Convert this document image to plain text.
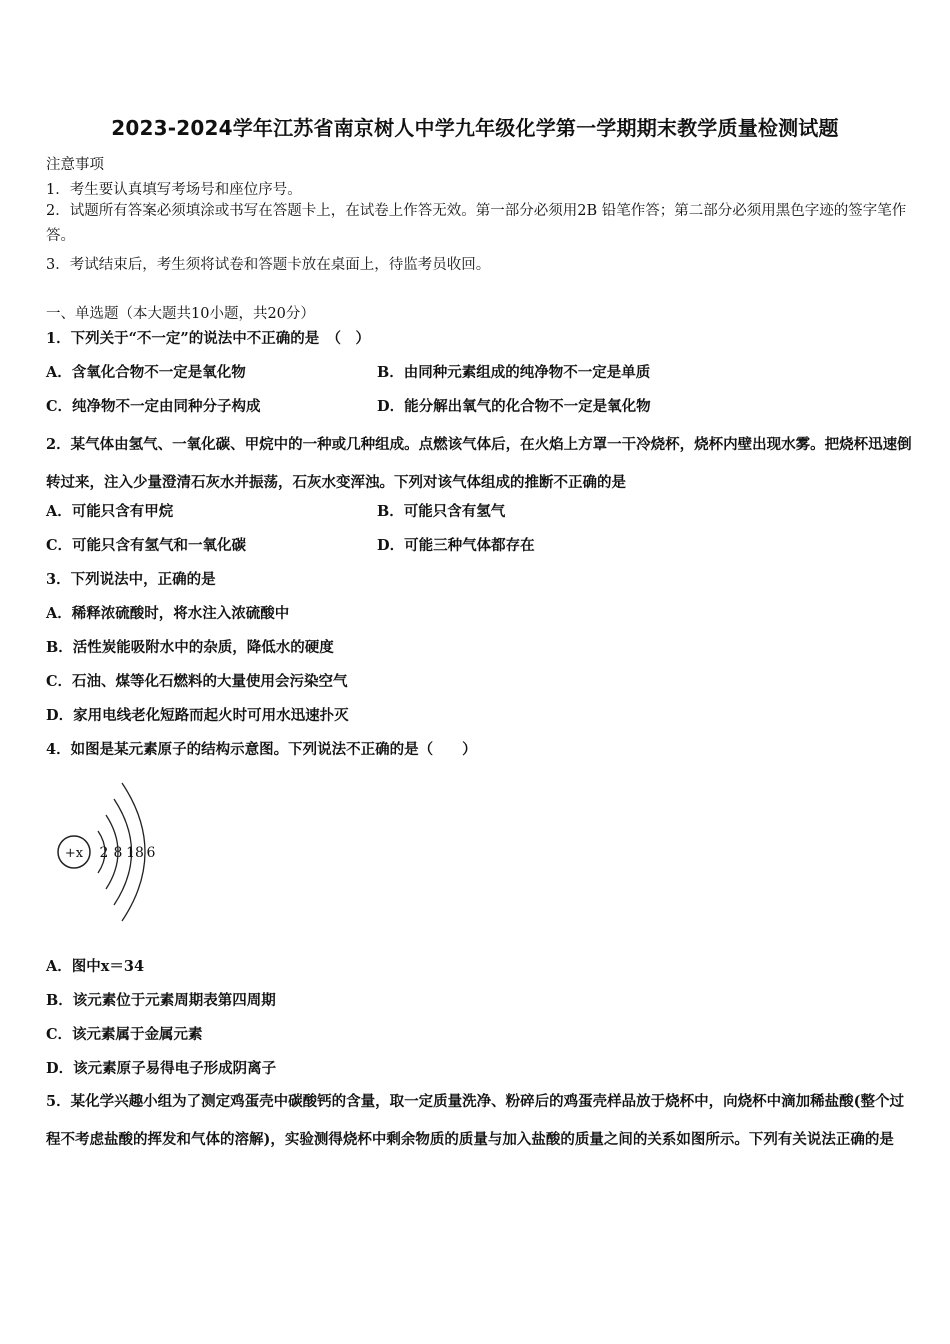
2023-2024学年江苏省南京树人中学九年级化学第一学期期末教学质量检测试题
注意事项
1．考生要认真填写考场号和座位序号。
2．试题所有答案必须填涂或书写在答题卡上，在试卷上作答无效。第一部分必须用2B 铅笔作答；第二部分必须用黑色字迹的签字笔作答。
3．考试结束后，考生须将试卷和答题卡放在桌面上，待监考员收回。
一、单选题（本大题共10小题，共20分）
1．下列关于“不一定”的说法中不正确的是　（　）
A．含氧化合物不一定是氧化物	B．由同种元素组成的纯净物不一定是单质
C．纯净物不一定由同种分子构成	D．能分解出氧气的化合物不一定是氧化物
2．某气体由氢气、一氧化碳、甲烷中的一种或几种组成。点燃该气体后，在火焰上方罩一干冷烧杯，烧杯内壁出现水雾。把烧杯迅速倒转过来，注入少量澄清石灰水并振荡，石灰水变浑浊。下列对该气体组成的推断不正确的是
A．可能只含有甲烷	B．可能只含有氢气
C．可能只含有氢气和一氧化碳	D．可能三种气体都存在
3．下列说法中，正确的是
A．稀释浓硫酸时，将水注入浓硫酸中
B．活性炭能吸附水中的杂质，降低水的硬度
C．石油、煤等化石燃料的大量使用会污染空气
D．家用电线老化短路而起火时可用水迅速扑灭
4．如图是某元素原子的结构示意图。下列说法不正确的是（　　）
+x 2 8 18 6
A．图中x＝34
B．该元素位于元素周期表第四周期
C．该元素属于金属元素
D．该元素原子易得电子形成阴离子
5．某化学兴趣小组为了测定鸡蛋壳中碳酸钙的含量，取一定质量洗净、粉碎后的鸡蛋壳样品放于烧杯中，向烧杯中滴加稀盐酸(整个过程不考虑盐酸的挥发和气体的溶解)，实验测得烧杯中剩余物质的质量与加入盐酸的质量之间的关系如图所示。下列有关说法正确的是
